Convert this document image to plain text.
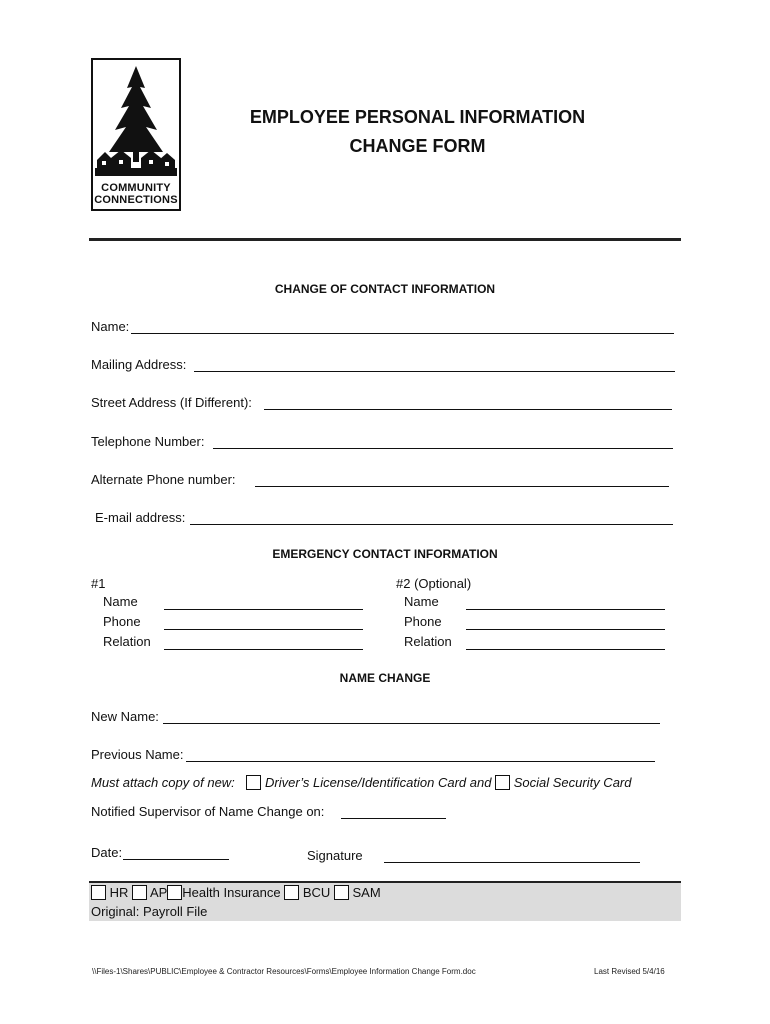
COMMUNITY
CONNECTIONS
EMPLOYEE PERSONAL INFORMATION
CHANGE FORM
CHANGE OF CONTACT INFORMATION
Name:
Mailing Address:
Street Address (If Different):
Telephone Number:
Alternate Phone number:
E-mail address:
EMERGENCY CONTACT INFORMATION
#1
Name
Phone
Relation
#2 (Optional)
Name
Phone
Relation
NAME CHANGE
New Name:
Previous Name:
Must attach copy of new: Driver’s License/Identification Card and Social Security Card
Notified Supervisor of Name Change on:
Date:	Signature
HR AP Health Insurance BCU SAM
Original: Payroll File
\\Files-1\Shares\PUBLIC\Employee & Contractor Resources\Forms\Employee Information Change Form.doc	Last Revised 5/4/16
